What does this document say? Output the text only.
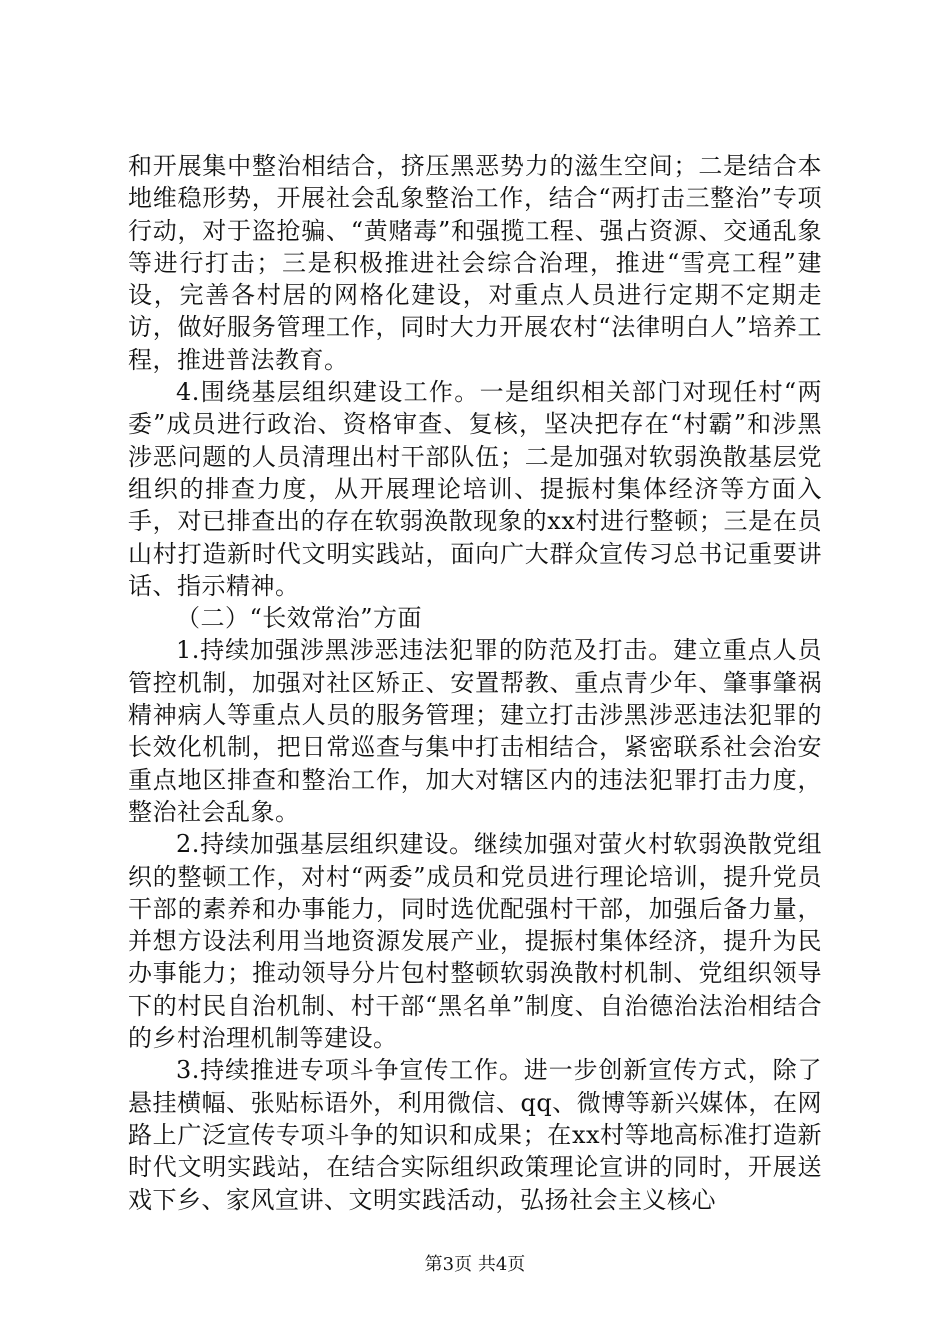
和开展集中整治相结合，挤压黑恶势力的滋生空间；二是结合本地维稳形势，开展社会乱象整治工作，结合“两打击三整治”专项行动，对于盗抢骗、“黄赌毒”和强揽工程、强占资源、交通乱象等进行打击；三是积极推进社会综合治理，推进“雪亮工程”建设，完善各村居的网格化建设，对重点人员进行定期不定期走访，做好服务管理工作，同时大力开展农村“法律明白人”培养工程，推进普法教育。

4.围绕基层组织建设工作。一是组织相关部门对现任村“两委”成员进行政治、资格审查、复核，坚决把存在“村霸”和涉黑涉恶问题的人员清理出村干部队伍；二是加强对软弱涣散基层党组织的排查力度，从开展理论培训、提振村集体经济等方面入手，对已排查出的存在软弱涣散现象的xx村进行整顿；三是在员山村打造新时代文明实践站，面向广大群众宣传习总书记重要讲话、指示精神。

（二）“长效常治”方面

1.持续加强涉黑涉恶违法犯罪的防范及打击。建立重点人员管控机制，加强对社区矫正、安置帮教、重点青少年、肇事肇祸精神病人等重点人员的服务管理；建立打击涉黑涉恶违法犯罪的长效化机制，把日常巡查与集中打击相结合，紧密联系社会治安重点地区排查和整治工作，加大对辖区内的违法犯罪打击力度，整治社会乱象。

2.持续加强基层组织建设。继续加强对萤火村软弱涣散党组织的整顿工作，对村“两委”成员和党员进行理论培训，提升党员干部的素养和办事能力，同时选优配强村干部，加强后备力量，并想方设法利用当地资源发展产业，提振村集体经济，提升为民办事能力；推动领导分片包村整顿软弱涣散村机制、党组织领导下的村民自治机制、村干部“黑名单”制度、自治德治法治相结合的乡村治理机制等建设。

3.持续推进专项斗争宣传工作。进一步创新宣传方式，除了悬挂横幅、张贴标语外，利用微信、qq、微博等新兴媒体，在网路上广泛宣传专项斗争的知识和成果；在xx村等地高标准打造新时代文明实践站，在结合实际组织政策理论宣讲的同时，开展送戏下乡、家风宣讲、文明实践活动，弘扬社会主义核心

第3页 共4页
